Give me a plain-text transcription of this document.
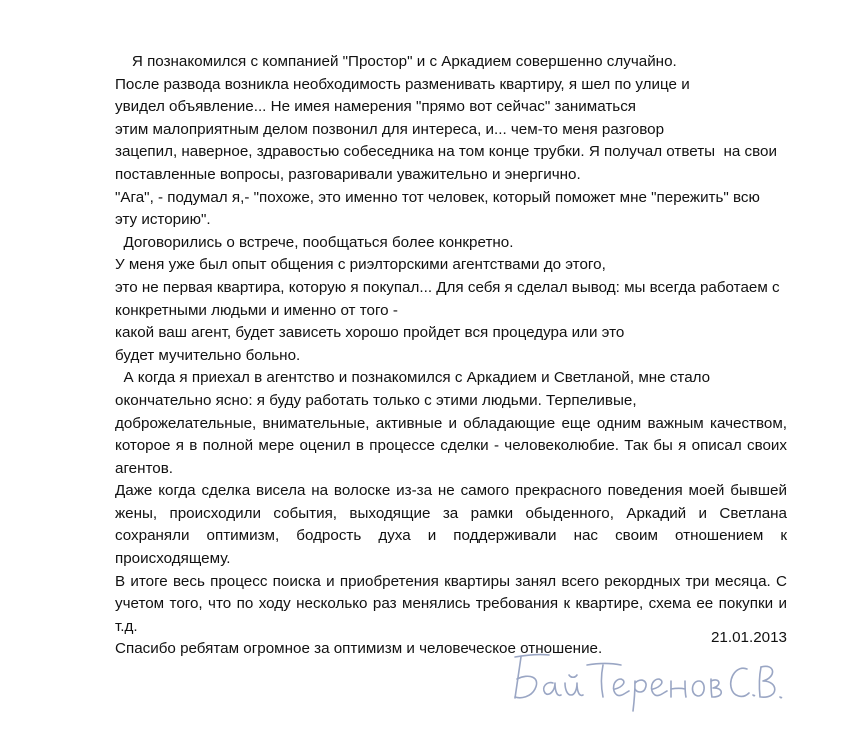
Я познакомился с компанией "Простор" и с Аркадием совершенно случайно.
После развода возникла необходимость разменивать квартиру, я шел по улице и
увидел объявление... Не имея намерения "прямо вот сейчас" заниматься
этим малоприятным делом позвонил для интереса, и... чем-то меня разговор
зацепил, наверное, здравостью собеседника на том конце трубки. Я получал ответы  на свои
поставленные вопросы, разговаривали уважительно и энергично.
"Ага", - подумал я,- "похоже, это именно тот человек, который поможет мне "пережить" всю
эту историю".
Договорились о встрече, пообщаться более конкретно.
У меня уже был опыт общения с риэлторскими агентствами до этого,
это не первая квартира, которую я покупал... Для себя я сделал вывод: мы всегда работаем с
конкретными людьми и именно от того -
какой ваш агент, будет зависеть хорошо пройдет вся процедура или это
будет мучительно больно.
А когда я приехал в агентство и познакомился с Аркадием и Светланой, мне стало
окончательно ясно: я буду работать только с этими людьми. Терпеливые,
доброжелательные, внимательные, активные и обладающие еще одним важным качеством,
которое я в полной мере оценил в процессе сделки - человеколюбие. Так бы я описал своих
агентов.
Даже когда сделка висела на волоске из-за не самого прекрасного поведения моей бывшей
жены, происходили события, выходящие за рамки обыденного, Аркадий и Светлана
сохраняли оптимизм, бодрость духа и поддерживали нас своим отношением к
происходящему.
В итоге весь процесс поиска и приобретения квартиры занял всего рекордных три месяца. С
учетом того, что по ходу несколько раз менялись требования к квартире, схема ее покупки и
т.д.
Спасибо ребятам огромное за оптимизм и человеческое отношение.
21.01.2013
